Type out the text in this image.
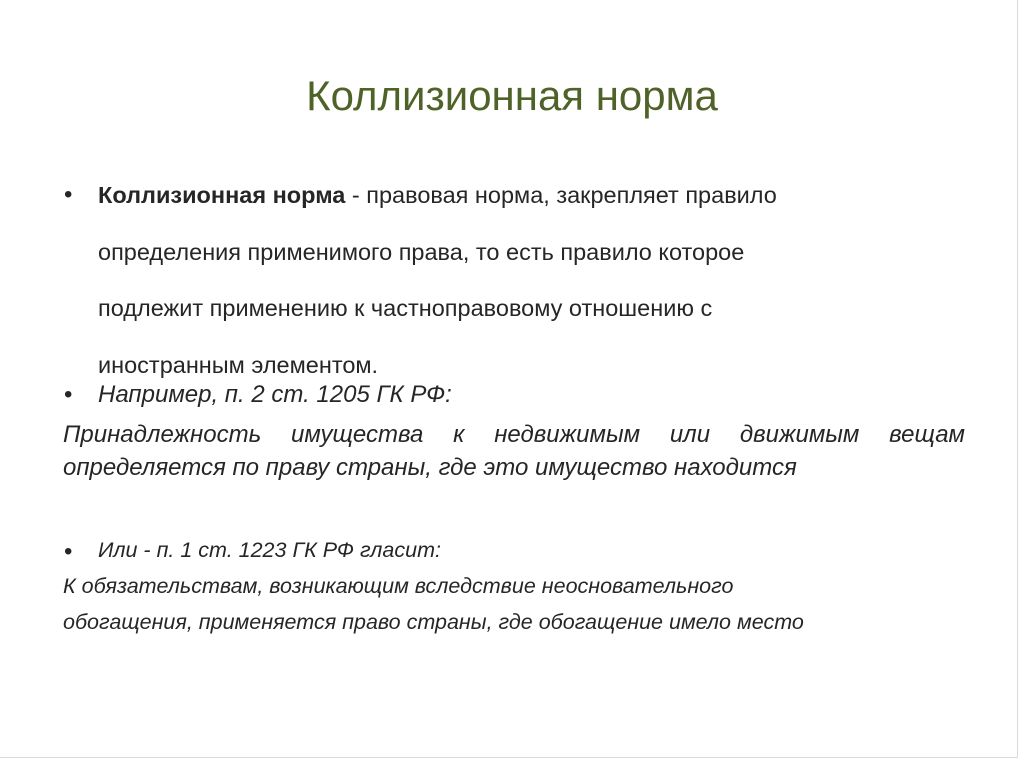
Коллизионная норма
• Коллизионная норма - правовая норма, закрепляет правило
определения применимого права, то есть правило которое
подлежит применению к частноправовому отношению с
иностранным элементом.
• Например, п. 2 ст. 1205 ГК РФ:
Принадлежность имущества к недвижимым или движимым вещам определяется по праву страны, где это имущество находится
• Или - п. 1 ст. 1223 ГК РФ гласит:
К обязательствам, возникающим вследствие неосновательного
обогащения, применяется право страны, где обогащение имело место
